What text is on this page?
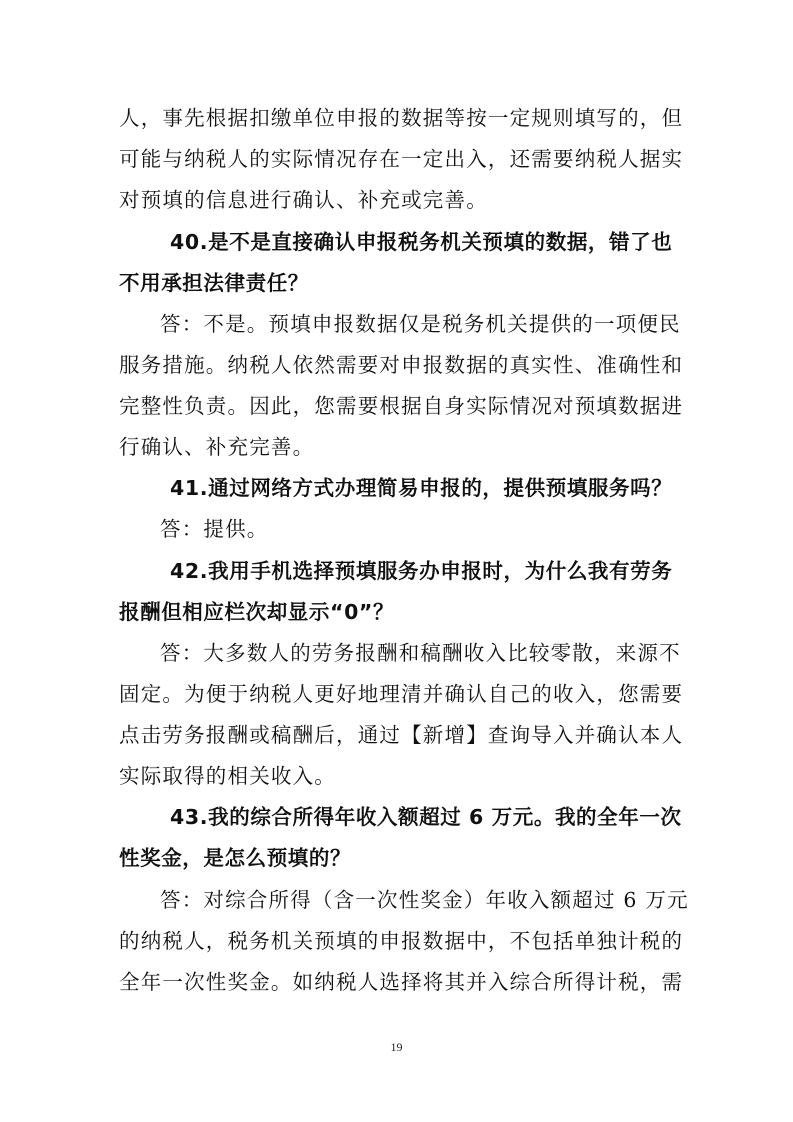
人，事先根据扣缴单位申报的数据等按一定规则填写的，但
可能与纳税人的实际情况存在一定出入，还需要纳税人据实
对预填的信息进行确认、补充或完善。
40.是不是直接确认申报税务机关预填的数据，错了也
不用承担法律责任？
答：不是。预填申报数据仅是税务机关提供的一项便民
服务措施。纳税人依然需要对申报数据的真实性、准确性和
完整性负责。因此，您需要根据自身实际情况对预填数据进
行确认、补充完善。
41.通过网络方式办理简易申报的，提供预填服务吗？
答：提供。
42.我用手机选择预填服务办申报时，为什么我有劳务
报酬但相应栏次却显示“0”？
答：大多数人的劳务报酬和稿酬收入比较零散，来源不
固定。为便于纳税人更好地理清并确认自己的收入，您需要
点击劳务报酬或稿酬后，通过【新增】查询导入并确认本人
实际取得的相关收入。
43.我的综合所得年收入额超过 6 万元。我的全年一次
性奖金，是怎么预填的？
答：对综合所得（含一次性奖金）年收入额超过 6 万元
的纳税人，税务机关预填的申报数据中，不包括单独计税的
全年一次性奖金。如纳税人选择将其并入综合所得计税，需
19
